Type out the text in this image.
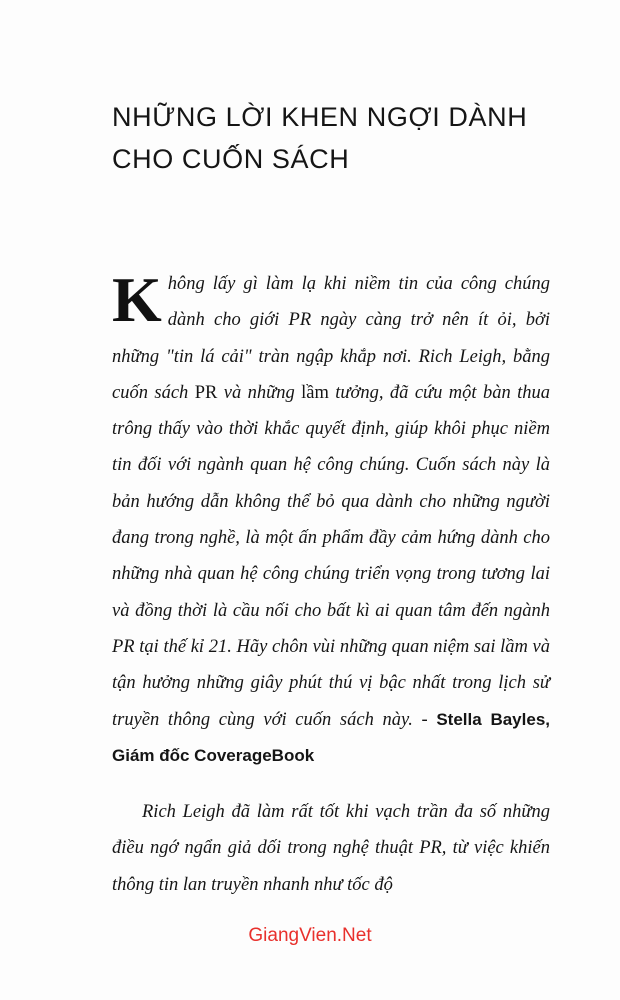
NHỮNG LỜI KHEN NGỢI DÀNH
CHO CUỐN SÁCH

Không lấy gì làm lạ khi niềm tin của công chúng dành cho giới PR ngày càng trở nên ít ỏi, bởi những "tin lá cải" tràn ngập khắp nơi. Rich Leigh, bằng cuốn sách PR và những lầm tưởng, đã cứu một bàn thua trông thấy vào thời khắc quyết định, giúp khôi phục niềm tin đối với ngành quan hệ công chúng. Cuốn sách này là bản hướng dẫn không thể bỏ qua dành cho những người đang trong nghề, là một ấn phẩm đầy cảm hứng dành cho những nhà quan hệ công chúng triển vọng trong tương lai và đồng thời là cầu nối cho bất kì ai quan tâm đến ngành PR tại thế kỉ 21. Hãy chôn vùi những quan niệm sai lầm và tận hưởng những giây phút thú vị bậc nhất trong lịch sử truyền thông cùng với cuốn sách này. - Stella Bayles, Giám đốc CoverageBook

Rich Leigh đã làm rất tốt khi vạch trần đa số những điều ngớ ngẩn giả dối trong nghệ thuật PR, từ việc khiến thông tin lan truyền nhanh như tốc độ

GiangVien.Net
